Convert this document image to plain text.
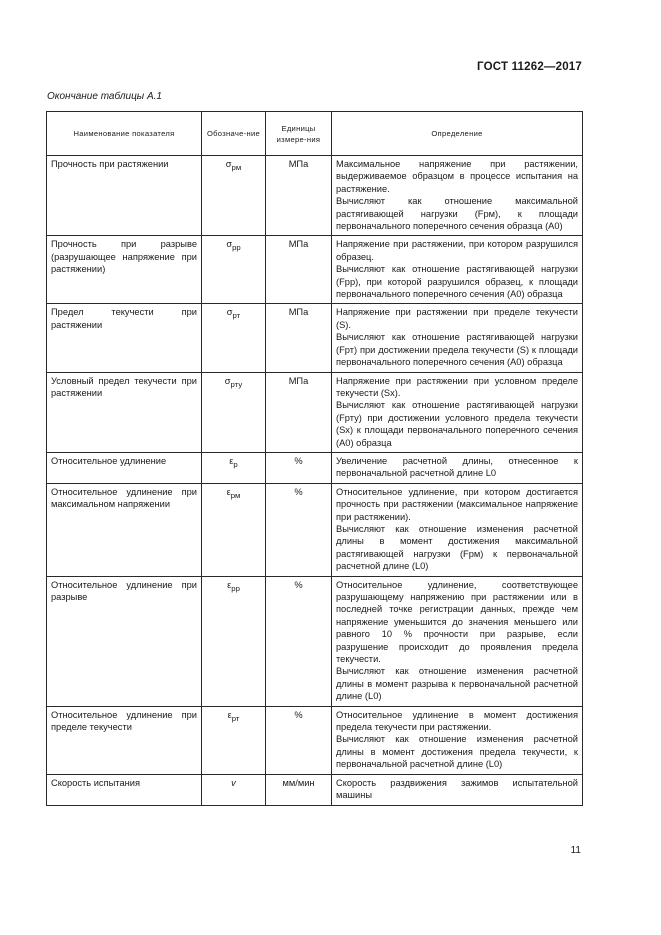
ГОСТ 11262—2017
Окончание таблицы А.1
Наименование показателя	Обозначе-ние	Единицы измере-ния	Определение
Прочность при растяжении	$\sigma_{рм}$	МПа	Максимальное напряжение при растяжении, выдерживаемое образцом в процессе испытания на растяжение.
Вычисляют как отношение максимальной растягивающей нагрузки (Fрм), к площади первоначального поперечного сечения образца (A0)

Прочность при разрыве (разрушающее напряжение при растяжении)	$\sigma_{рр}$	МПа	Напряжение при растяжении, при котором разрушился образец.
Вычисляют как отношение растягивающей нагрузки (Fрр), при которой разрушился образец, к площади первоначального поперечного сечения (A0) образца

Предел текучести при растяжении	$\sigma_{рт}$	МПа	Напряжение при растяжении при пределе текучести (S).
Вычисляют как отношение растягивающей нагрузки (Fрт) при достижении предела текучести (S) к площади первоначального поперечного сечения (A0) образца

Условный предел текучести при растяжении	$\sigma_{рту}$	МПа	Напряжение при растяжении при условном пределе текучести (Sх).
Вычисляют как отношение растягивающей нагрузки (Fрту) при достижении условного предела текучести (Sх) к площади первоначального поперечного сечения (A0) образца

Относительное удлинение	$\varepsilon_р$	%	Увеличение расчетной длины, отнесенное к первоначальной расчетной длине L0

Относительное удлинение при максимальном напряжении	$\varepsilon_{рм}$	%	Относительное удлинение, при котором достигается прочность при растяжении (максимальное напряжение при растяжении).
Вычисляют как отношение изменения расчетной длины в момент достижения максимальной растягивающей нагрузки (Fрм) к первоначальной расчетной длине (L0)

Относительное удлинение при разрыве	$\varepsilon_{рр}$	%	Относительное удлинение, соответствующее разрушающему напряжению при растяжении или в последней точке регистрации данных, прежде чем напряжение уменьшится до значения меньшего или равного 10 % прочности при разрыве, если разрушение происходит до проявления предела текучести.
Вычисляют как отношение изменения расчетной длины в момент разрыва к первоначальной расчетной длине (L0)

Относительное удлинение при пределе текучести	$\varepsilon_{рт}$	%	Относительное удлинение в момент достижения предела текучести при растяжении.
Вычисляют как отношение изменения расчетной длины в момент достижения предела текучести, к первоначальной расчетной длине (L0)

Скорость испытания	v	мм/мин	Скорость раздвижения зажимов испытательной машины
11
